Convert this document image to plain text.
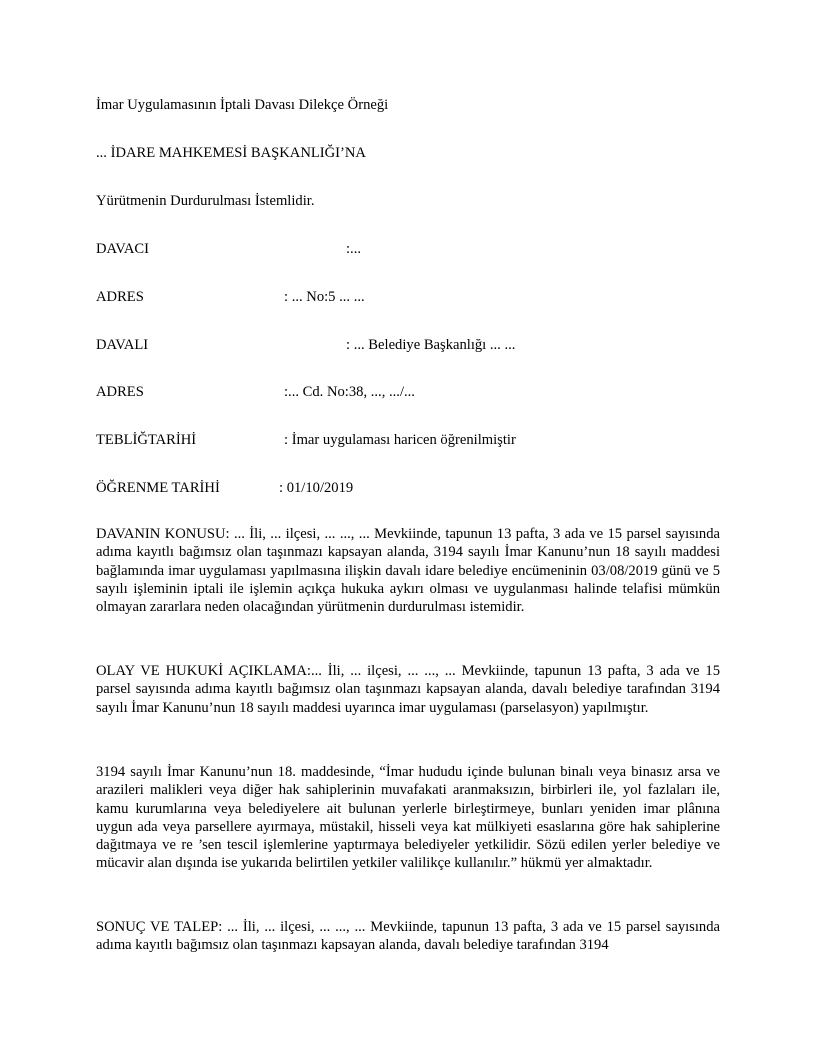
İmar Uygulamasının İptali Davası Dilekçe Örneği
... İDARE MAHKEMESİ BAŞKANLIĞI’NA
Yürütmenin Durdurulması İstemlidir.
DAVACI	:...
ADRES	: ... No:5 ... ...
DAVALI	: ... Belediye Başkanlığı ... ...
ADRES	:... Cd. No:38, ..., .../...
TEBLİĞTARİHİ	: İmar uygulaması haricen öğrenilmiştir
ÖĞRENME TARİHİ	: 01/10/2019
DAVANIN KONUSU: ... İli, ... ilçesi, ... ..., ... Mevkiinde, tapunun 13 pafta, 3 ada ve 15 parsel sayısında adıma kayıtlı bağımsız olan taşınmazı kapsayan alanda, 3194 sayılı İmar Kanunu’nun 18 sayılı maddesi bağlamında imar uygulaması yapılmasına ilişkin davalı idare belediye encümeninin 03/08/2019 günü ve 5 sayılı işleminin iptali ile işlemin açıkça hukuka aykırı olması ve uygulanması halinde telafisi mümkün olmayan zararlara neden olacağından yürütmenin durdurulması istemidir.
OLAY VE HUKUKİ AÇIKLAMA:... İli, ... ilçesi, ... ..., ... Mevkiinde, tapunun 13 pafta, 3 ada ve 15 parsel sayısında adıma kayıtlı bağımsız olan taşınmazı kapsayan alanda, davalı belediye tarafından 3194 sayılı İmar Kanunu’nun 18 sayılı maddesi uyarınca imar uygulaması (parselasyon) yapılmıştır.
3194 sayılı İmar Kanunu’nun 18. maddesinde, “İmar hududu içinde bulunan binalı veya binasız arsa ve arazileri malikleri veya diğer hak sahiplerinin muvafakati aranmaksızın, birbirleri ile, yol fazlaları ile, kamu kurumlarına veya belediyelere ait bulunan yerlerle birleştirmeye, bunları yeniden imar plânına uygun ada veya parsellere ayırmaya, müstakil, hisseli veya kat mülkiyeti esaslarına göre hak sahiplerine dağıtmaya ve re ’sen tescil işlemlerine yaptırmaya belediyeler yetkilidir. Sözü edilen yerler belediye ve mücavir alan dışında ise yukarıda belirtilen yetkiler valilikçe kullanılır.” hükmü yer almaktadır.
SONUÇ VE TALEP: ... İli, ... ilçesi, ... ..., ... Mevkiinde, tapunun 13 pafta, 3 ada ve 15 parsel sayısında adıma kayıtlı bağımsız olan taşınmazı kapsayan alanda, davalı belediye tarafından 3194
